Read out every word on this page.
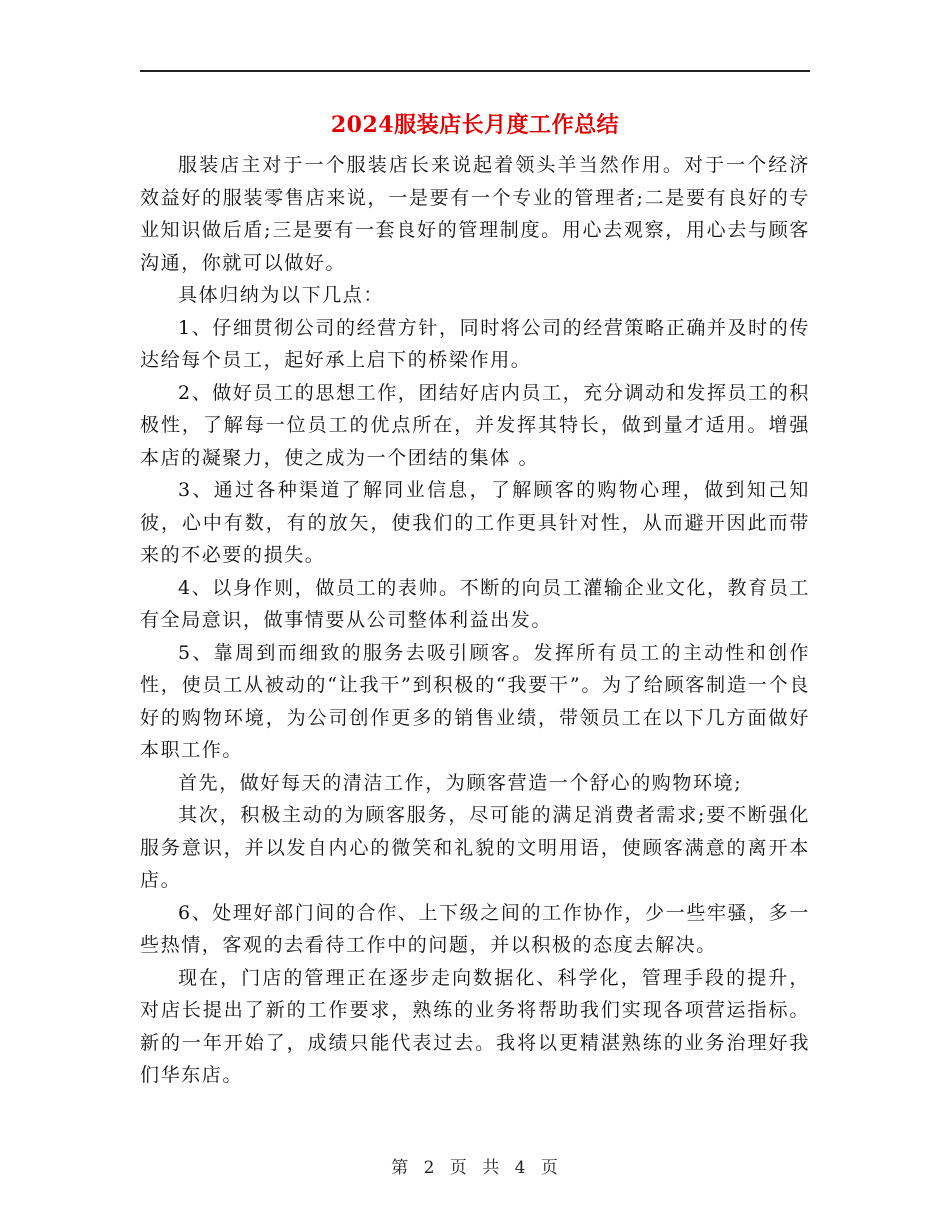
2024服装店长月度工作总结

服装店主对于一个服装店长来说起着领头羊当然作用。对于一个经济效益好的服装零售店来说，一是要有一个专业的管理者;二是要有良好的专业知识做后盾;三是要有一套良好的管理制度。用心去观察，用心去与顾客沟通，你就可以做好。

具体归纳为以下几点：

1、仔细贯彻公司的经营方针，同时将公司的经营策略正确并及时的传达给每个员工，起好承上启下的桥梁作用。

2、做好员工的思想工作，团结好店内员工，充分调动和发挥员工的积极性，了解每一位员工的优点所在，并发挥其特长，做到量才适用。增强本店的凝聚力，使之成为一个团结的集体 。

3、通过各种渠道了解同业信息，了解顾客的购物心理，做到知己知彼，心中有数，有的放矢，使我们的工作更具针对性，从而避开因此而带来的不必要的损失。

4、以身作则，做员工的表帅。不断的向员工灌输企业文化，教育员工有全局意识，做事情要从公司整体利益出发。

5、靠周到而细致的服务去吸引顾客。发挥所有员工的主动性和创作性，使员工从被动的“让我干”到积极的“我要干”。为了给顾客制造一个良好的购物环境，为公司创作更多的销售业绩，带领员工在以下几方面做好本职工作。

首先，做好每天的清洁工作，为顾客营造一个舒心的购物环境;

其次，积极主动的为顾客服务，尽可能的满足消费者需求;要不断强化服务意识，并以发自内心的微笑和礼貌的文明用语，使顾客满意的离开本店。

6、处理好部门间的合作、上下级之间的工作协作，少一些牢骚，多一些热情，客观的去看待工作中的问题，并以积极的态度去解决。

现在，门店的管理正在逐步走向数据化、科学化，管理手段的提升，对店长提出了新的工作要求，熟练的业务将帮助我们实现各项营运指标。新的一年开始了，成绩只能代表过去。我将以更精湛熟练的业务治理好我们华东店。

第 2 页 共 4 页
